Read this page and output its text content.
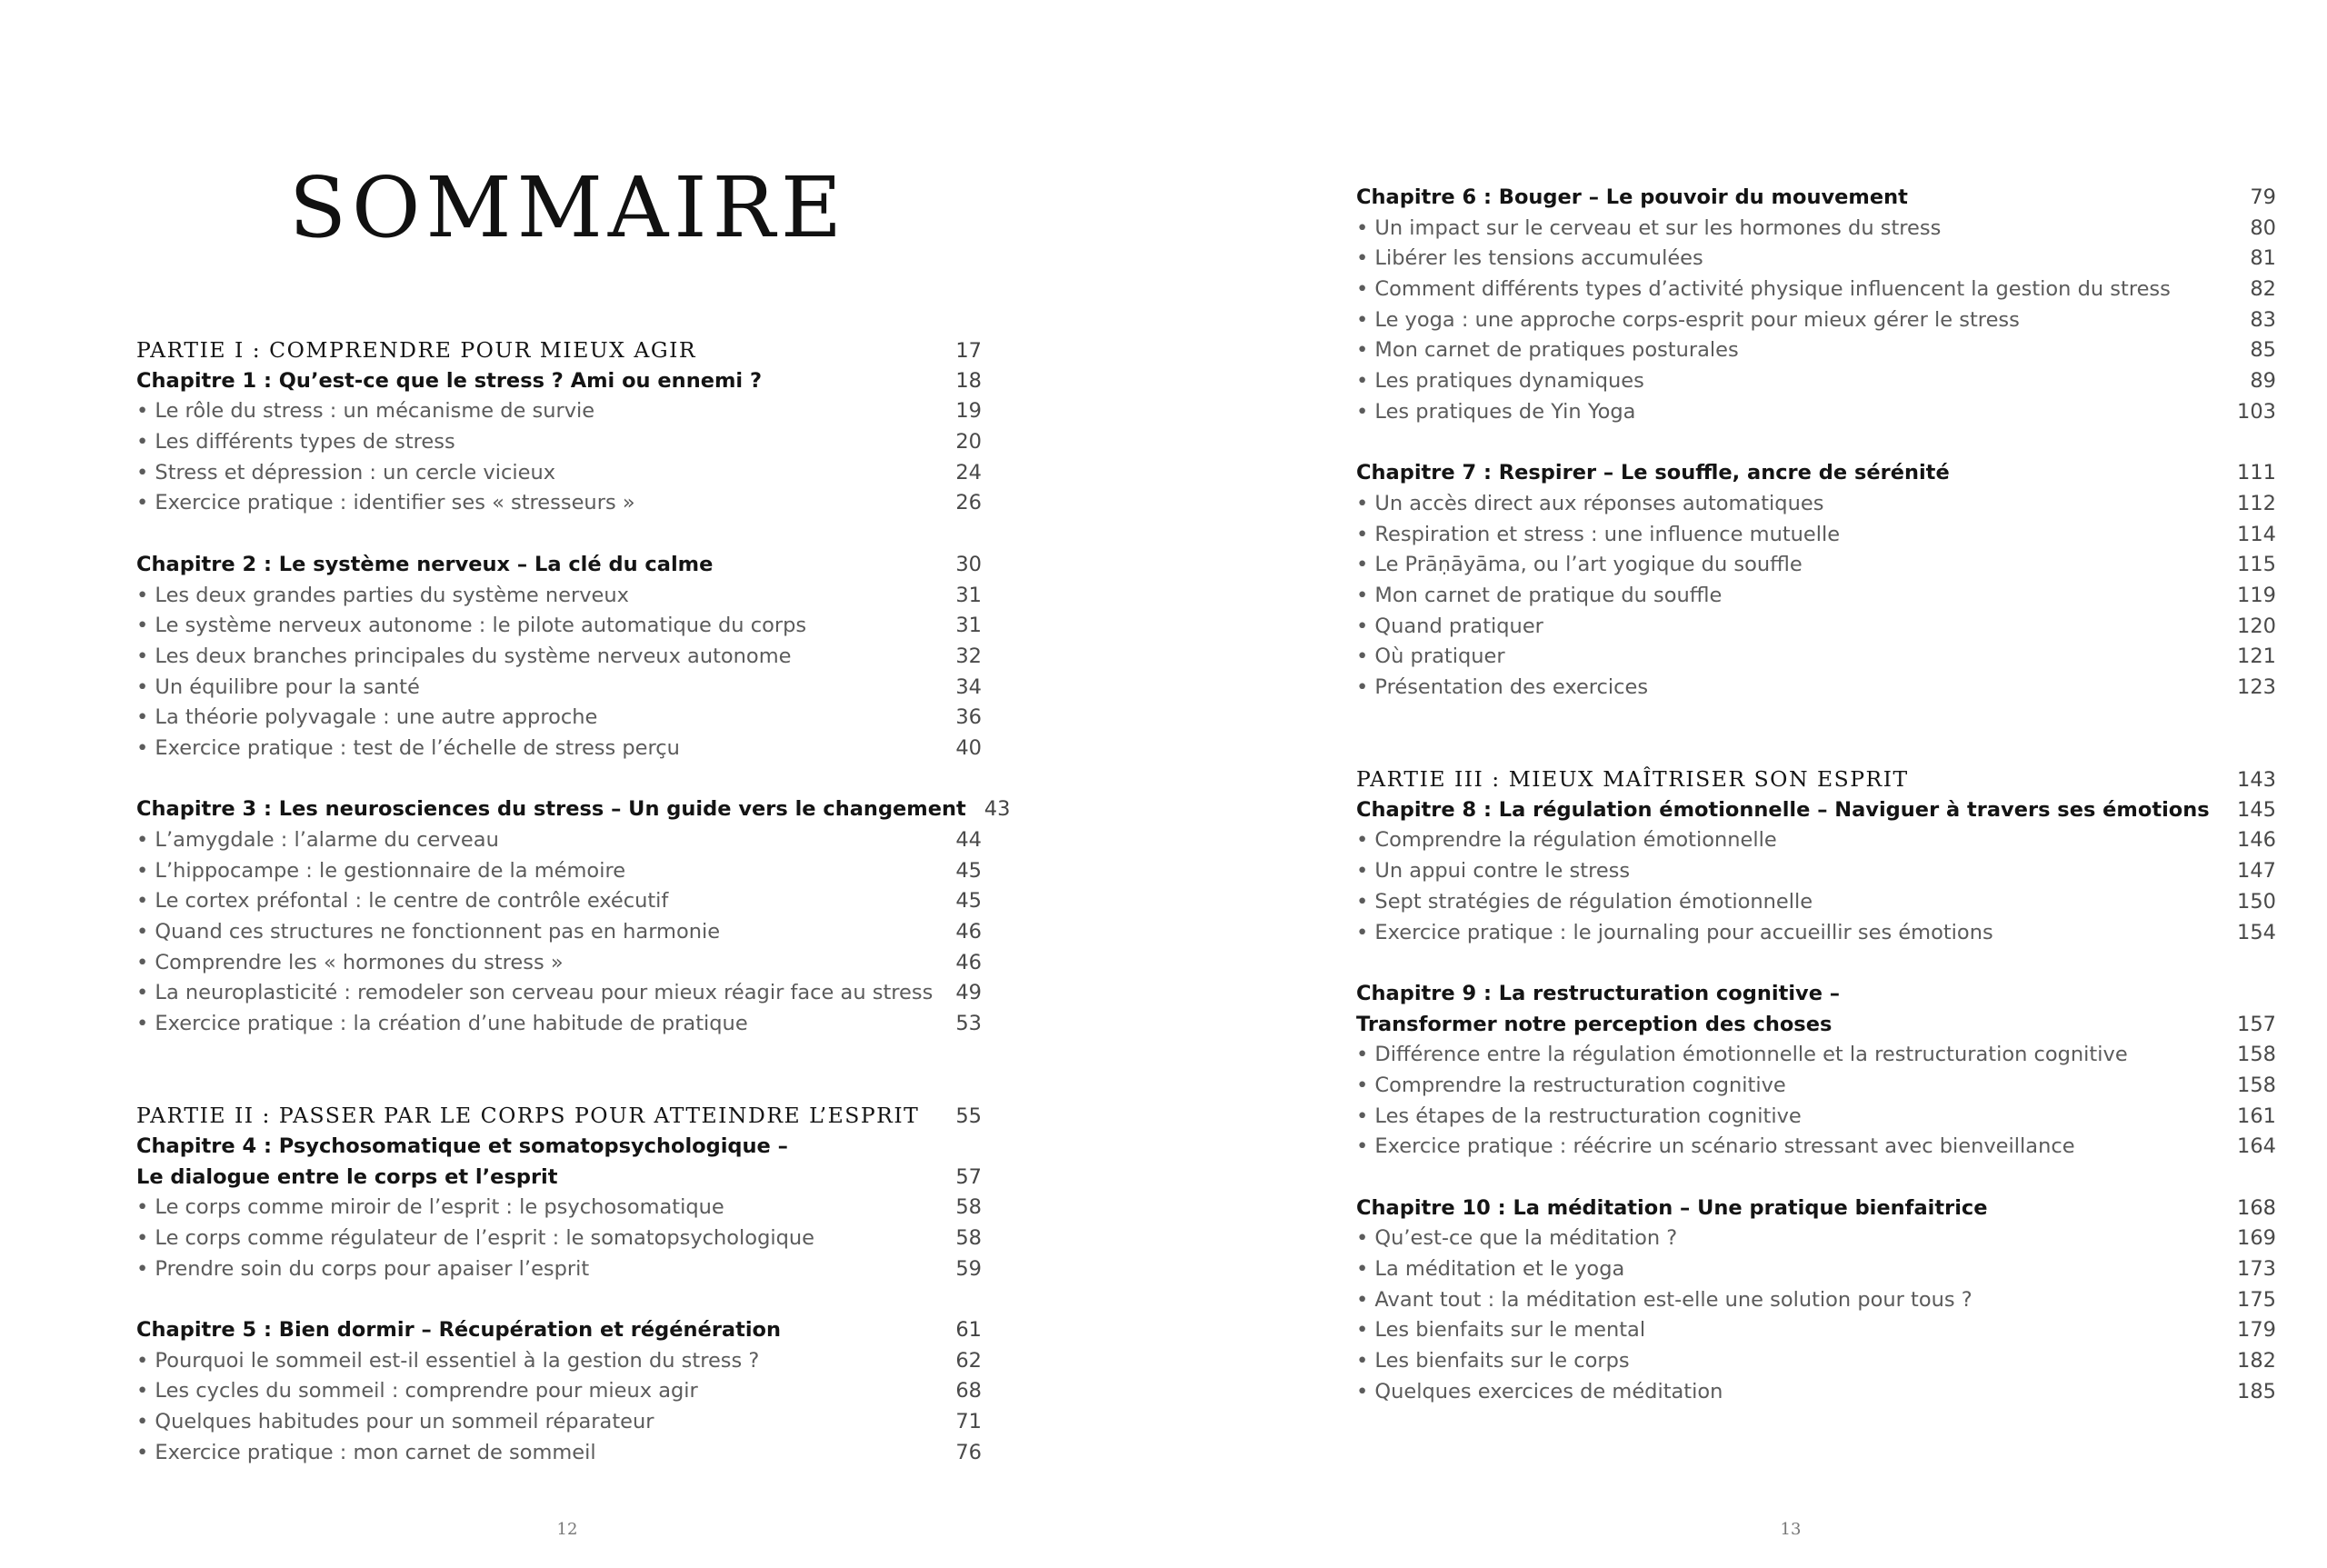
SOMMAIRE
PARTIE I : COMPRENDRE POUR MIEUX AGIR	17
Chapitre 1 : Qu’est-ce que le stress ? Ami ou ennemi ?	18
• Le rôle du stress : un mécanisme de survie	19
• Les différents types de stress	20
• Stress et dépression : un cercle vicieux	24
• Exercice pratique : identifier ses « stresseurs »	26
Chapitre 2 : Le système nerveux – La clé du calme	30
• Les deux grandes parties du système nerveux	31
• Le système nerveux autonome : le pilote automatique du corps	31
• Les deux branches principales du système nerveux autonome	32
• Un équilibre pour la santé	34
• La théorie polyvagale : une autre approche	36
• Exercice pratique : test de l’échelle de stress perçu	40
Chapitre 3 : Les neurosciences du stress – Un guide vers le changement 43
• L’amygdale : l’alarme du cerveau	44
• L’hippocampe : le gestionnaire de la mémoire	45
• Le cortex préfontal : le centre de contrôle exécutif	45
• Quand ces structures ne fonctionnent pas en harmonie	46
• Comprendre les « hormones du stress »	46
• La neuroplasticité : remodeler son cerveau pour mieux réagir face au stress	49
• Exercice pratique : la création d’une habitude de pratique	53
PARTIE II : PASSER PAR LE CORPS POUR ATTEINDRE L’ESPRIT	55
Chapitre 4 : Psychosomatique et somatopsychologique –
Le dialogue entre le corps et l’esprit	57
• Le corps comme miroir de l’esprit : le psychosomatique	58
• Le corps comme régulateur de l’esprit : le somatopsychologique	58
• Prendre soin du corps pour apaiser l’esprit	59
Chapitre 5 : Bien dormir – Récupération et régénération	61
• Pourquoi le sommeil est-il essentiel à la gestion du stress ?	62
• Les cycles du sommeil : comprendre pour mieux agir	68
• Quelques habitudes pour un sommeil réparateur	71
• Exercice pratique : mon carnet de sommeil	76
12
Chapitre 6 : Bouger – Le pouvoir du mouvement	79
• Un impact sur le cerveau et sur les hormones du stress	80
• Libérer les tensions accumulées	81
• Comment différents types d’activité physique influencent la gestion du stress	82
• Le yoga : une approche corps-esprit pour mieux gérer le stress	83
• Mon carnet de pratiques posturales	85
• Les pratiques dynamiques	89
• Les pratiques de Yin Yoga	103
Chapitre 7 : Respirer – Le souffle, ancre de sérénité	111
• Un accès direct aux réponses automatiques	112
• Respiration et stress : une influence mutuelle	114
• Le Prāṇāyāma, ou l’art yogique du souffle	115
• Mon carnet de pratique du souffle	119
• Quand pratiquer	120
• Où pratiquer	121
• Présentation des exercices	123
PARTIE III : MIEUX MAÎTRISER SON ESPRIT	143
Chapitre 8 : La régulation émotionnelle – Naviguer à travers ses émotions	145
• Comprendre la régulation émotionnelle	146
• Un appui contre le stress	147
• Sept stratégies de régulation émotionnelle	150
• Exercice pratique : le journaling pour accueillir ses émotions	154
Chapitre 9 : La restructuration cognitive –
Transformer notre perception des choses	157
• Différence entre la régulation émotionnelle et la restructuration cognitive	158
• Comprendre la restructuration cognitive	158
• Les étapes de la restructuration cognitive	161
• Exercice pratique : réécrire un scénario stressant avec bienveillance	164
Chapitre 10 : La méditation – Une pratique bienfaitrice	168
• Qu’est-ce que la méditation ?	169
• La méditation et le yoga	173
• Avant tout : la méditation est-elle une solution pour tous ?	175
• Les bienfaits sur le mental	179
• Les bienfaits sur le corps	182
• Quelques exercices de méditation	185
13
